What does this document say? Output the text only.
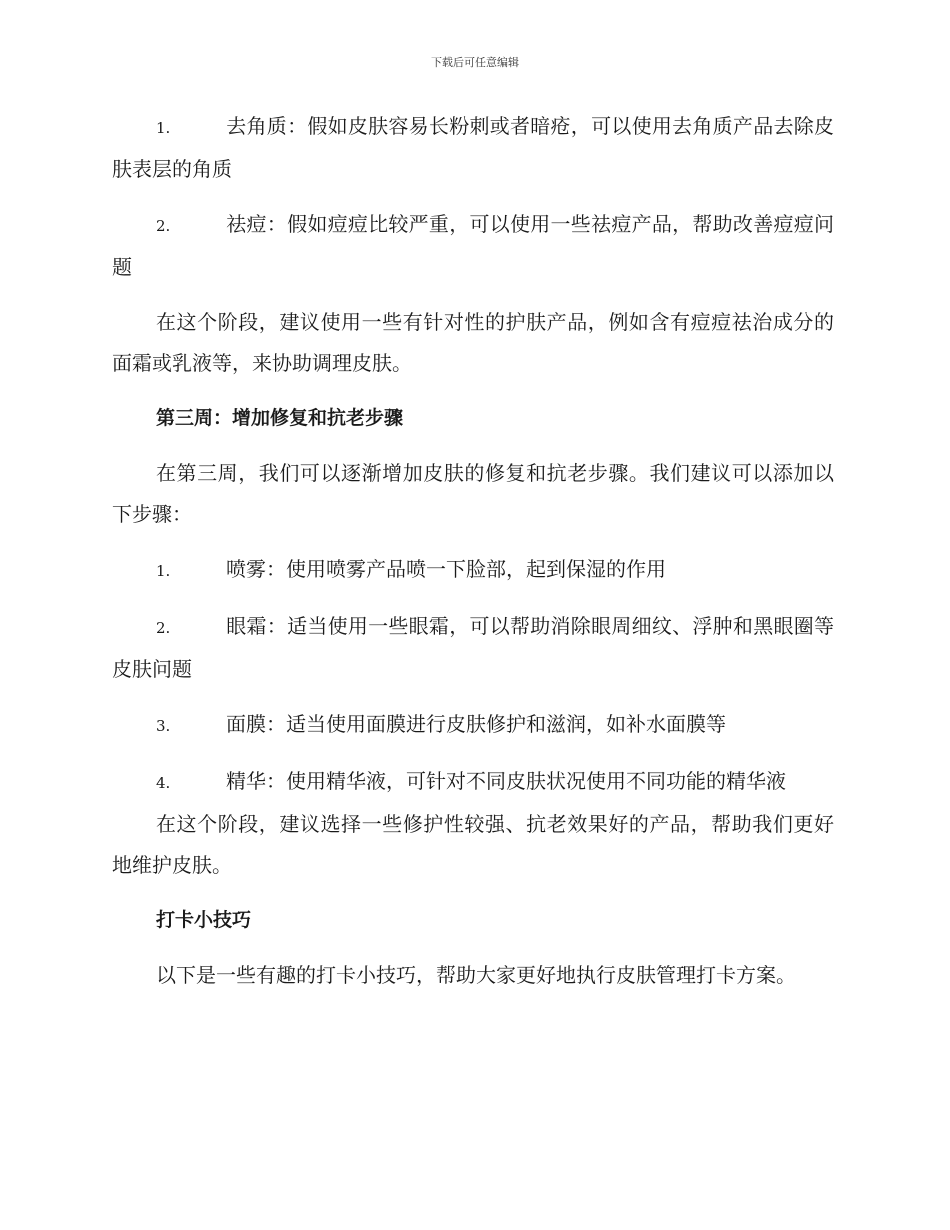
下载后可任意编辑
1.	去角质：假如皮肤容易长粉刺或者暗疮，可以使用去角质产品去除皮肤表层的角质
2.	祛痘：假如痘痘比较严重，可以使用一些祛痘产品，帮助改善痘痘问题
在这个阶段，建议使用一些有针对性的护肤产品，例如含有痘痘祛治成分的面霜或乳液等，来协助调理皮肤。
第三周：增加修复和抗老步骤
在第三周，我们可以逐渐增加皮肤的修复和抗老步骤。我们建议可以添加以下步骤：
1.	喷雾：使用喷雾产品喷一下脸部，起到保湿的作用
2.	眼霜：适当使用一些眼霜，可以帮助消除眼周细纹、浮肿和黑眼圈等皮肤问题
3.	面膜：适当使用面膜进行皮肤修护和滋润，如补水面膜等
4.	精华：使用精华液，可针对不同皮肤状况使用不同功能的精华液
在这个阶段，建议选择一些修护性较强、抗老效果好的产品，帮助我们更好地维护皮肤。
打卡小技巧
以下是一些有趣的打卡小技巧，帮助大家更好地执行皮肤管理打卡方案。
